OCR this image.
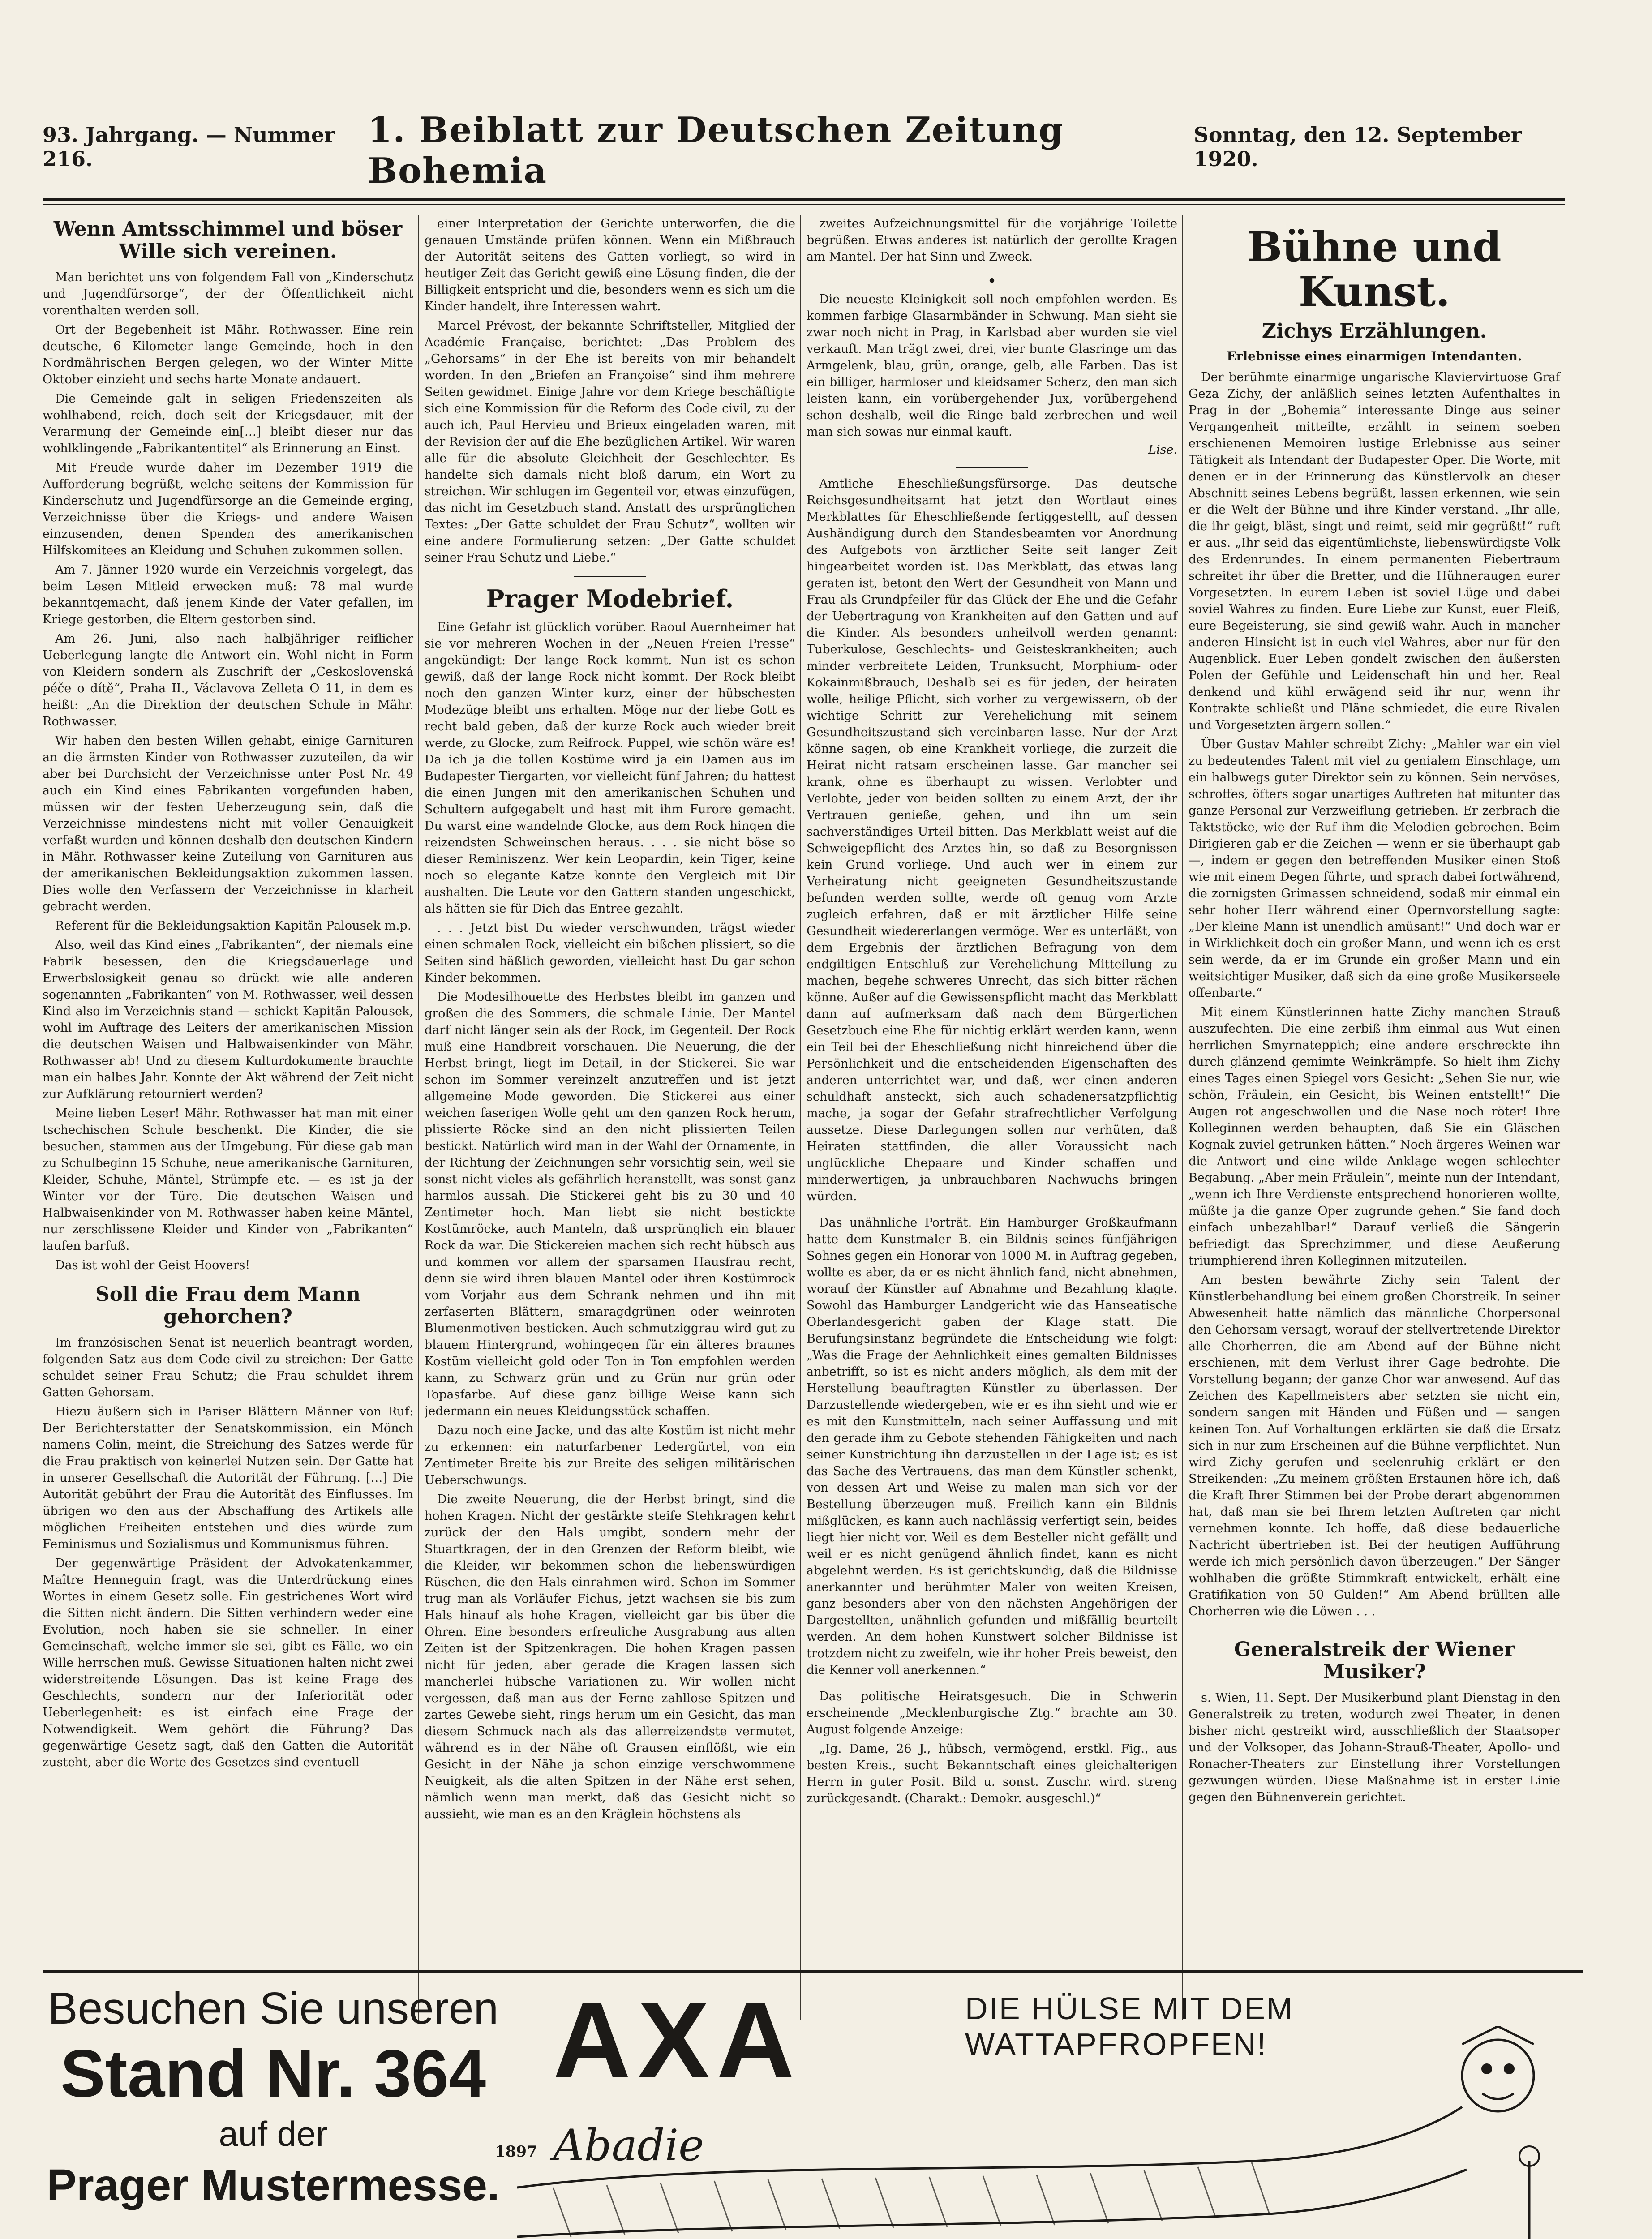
93. Jahrgang. — Nummer 216.
1. Beiblatt zur Deutschen Zeitung Bohemia
Sonntag, den 12. September 1920.
Wenn Amtsschimmel und böser Wille sich vereinen.

Man berichtet uns von folgendem Fall von „Kinderschutz und Jugendfürsorge“, der der Öffentlichkeit nicht vorenthalten werden soll.

Ort der Begebenheit ist Mähr. Rothwasser. Eine rein deutsche, 6 Kilometer lange Gemeinde, hoch in den Nordmährischen Bergen gelegen, wo der Winter Mitte Oktober einzieht und sechs harte Monate andauert.

Die Gemeinde galt in seligen Friedenszeiten als wohlhabend, reich, doch seit der Kriegsdauer, mit der Verarmung der Gemeinde ein[…] bleibt dieser nur das wohlklingende „Fabrikantentitel“ als Erinnerung an Einst.

Mit Freude wurde daher im Dezember 1919 die Aufforderung begrüßt, welche seitens der Kommission für Kinderschutz und Jugendfürsorge an die Gemeinde erging, Verzeichnisse über die Kriegs- und andere Waisen einzusenden, denen Spenden des amerikanischen Hilfskomitees an Kleidung und Schuhen zukommen sollen.

Am 7. Jänner 1920 wurde ein Verzeichnis vorgelegt, das beim Lesen Mitleid erwecken muß: 78 mal wurde bekanntgemacht, daß jenem Kinde der Vater gefallen, im Kriege gestorben, die Eltern gestorben sind.

Am 26. Juni, also nach halbjähriger reiflicher Ueberlegung langte die Antwort ein. Wohl nicht in Form von Kleidern sondern als Zuschrift der „Ceskoslovenská péče o dítě“, Praha II., Václavova Zelleta O 11, in dem es heißt: „An die Direktion der deutschen Schule in Mähr. Rothwasser.

Wir haben den besten Willen gehabt, einige Garnituren an die ärmsten Kinder von Rothwasser zuzuteilen, da wir aber bei Durchsicht der Verzeichnisse unter Post Nr. 49 auch ein Kind eines Fabrikanten vorgefunden haben, müssen wir der festen Ueberzeugung sein, daß die Verzeichnisse mindestens nicht mit voller Genauigkeit verfaßt wurden und können deshalb den deutschen Kindern in Mähr. Rothwasser keine Zuteilung von Garnituren aus der amerikanischen Bekleidungsaktion zukommen lassen. Dies wolle den Verfassern der Verzeichnisse in klarheit gebracht werden.

Referent für die Bekleidungsaktion Kapitän Palousek m.p.

Also, weil das Kind eines „Fabrikanten“, der niemals eine Fabrik besessen, den die Kriegsdauerlage und Erwerbslosigkeit genau so drückt wie alle anderen sogenannten „Fabrikanten“ von M. Rothwasser, weil dessen Kind also im Verzeichnis stand — schickt Kapitän Palousek, wohl im Auftrage des Leiters der amerikanischen Mission die deutschen Waisen und Halbwaisenkinder von Mähr. Rothwasser ab! Und zu diesem Kulturdokumente brauchte man ein halbes Jahr. Konnte der Akt während der Zeit nicht zur Aufklärung retourniert werden?

Meine lieben Leser! Mähr. Rothwasser hat man mit einer tschechischen Schule beschenkt. Die Kinder, die sie besuchen, stammen aus der Umgebung. Für diese gab man zu Schulbeginn 15 Schuhe, neue amerikanische Garnituren, Kleider, Schuhe, Mäntel, Strümpfe etc. — es ist ja der Winter vor der Türe. Die deutschen Waisen und Halbwaisenkinder von M. Rothwasser haben keine Mäntel, nur zerschlissene Kleider und Kinder von „Fabrikanten“ laufen barfuß.

Das ist wohl der Geist Hoovers!

Soll die Frau dem Mann gehorchen?

Im französischen Senat ist neuerlich beantragt worden, folgenden Satz aus dem Code civil zu streichen: Der Gatte schuldet seiner Frau Schutz; die Frau schuldet ihrem Gatten Gehorsam.

Hiezu äußern sich in Pariser Blättern Männer von Ruf: Der Berichterstatter der Senatskommission, ein Mönch namens Colin, meint, die Streichung des Satzes werde für die Frau praktisch von keinerlei Nutzen sein. Der Gatte hat in unserer Gesellschaft die Autorität der Führung. […] Die Autorität gebührt der Frau die Autorität des Einflusses. Im übrigen wo den aus der Abschaffung des Artikels alle möglichen Freiheiten entstehen und dies würde zum Feminismus und Sozialismus und Kommunismus führen.

Der gegenwärtige Präsident der Advokatenkammer, Maître Henneguin fragt, was die Unterdrückung eines Wortes in einem Gesetz solle. Ein gestrichenes Wort wird die Sitten nicht ändern. Die Sitten verhindern weder eine Evolution, noch haben sie sie schneller. In einer Gemeinschaft, welche immer sie sei, gibt es Fälle, wo ein Wille herrschen muß. Gewisse Situationen halten nicht zwei widerstreitende Lösungen. Das ist keine Frage des Geschlechts, sondern nur der Inferiorität oder Ueberlegenheit: es ist einfach eine Frage der Notwendigkeit. Wem gehört die Führung? Das gegenwärtige Gesetz sagt, daß den Gatten die Autorität zusteht, aber die Worte des Gesetzes sind eventuell

einer Interpretation der Gerichte unterworfen, die die genauen Umstände prüfen können. Wenn ein Mißbrauch der Autorität seitens des Gatten vorliegt, so wird in heutiger Zeit das Gericht gewiß eine Lösung finden, die der Billigkeit entspricht und die, besonders wenn es sich um die Kinder handelt, ihre Interessen wahrt.

Marcel Prévost, der bekannte Schriftsteller, Mitglied der Académie Française, berichtet: „Das Problem des „Gehorsams“ in der Ehe ist bereits von mir behandelt worden. In den „Briefen an Françoise“ sind ihm mehrere Seiten gewidmet. Einige Jahre vor dem Kriege beschäftigte sich eine Kommission für die Reform des Code civil, zu der auch ich, Paul Hervieu und Brieux eingeladen waren, mit der Revision der auf die Ehe bezüglichen Artikel. Wir waren alle für die absolute Gleichheit der Geschlechter. Es handelte sich damals nicht bloß darum, ein Wort zu streichen. Wir schlugen im Gegenteil vor, etwas einzufügen, das nicht im Gesetzbuch stand. Anstatt des ursprünglichen Textes: „Der Gatte schuldet der Frau Schutz“, wollten wir eine andere Formulierung setzen: „Der Gatte schuldet seiner Frau Schutz und Liebe.“

Prager Modebrief.

Eine Gefahr ist glücklich vorüber. Raoul Auernheimer hat sie vor mehreren Wochen in der „Neuen Freien Presse“ angekündigt: Der lange Rock kommt. Nun ist es schon gewiß, daß der lange Rock nicht kommt. Der Rock bleibt noch den ganzen Winter kurz, einer der hübschesten Modezüge bleibt uns erhalten. Möge nur der liebe Gott es recht bald geben, daß der kurze Rock auch wieder breit werde, zu Glocke, zum Reifrock. Puppel, wie schön wäre es! Da ich ja die tollen Kostüme wird ja ein Damen aus im Budapester Tiergarten, vor vielleicht fünf Jahren; du hattest die einen Jungen mit den amerikanischen Schuhen und Schultern aufgegabelt und hast mit ihm Furore gemacht. Du warst eine wandelnde Glocke, aus dem Rock hingen die reizendsten Schweinschen heraus. . . . sie nicht böse so dieser Reminiszenz. Wer kein Leopardin, kein Tiger, keine noch so elegante Katze konnte den Vergleich mit Dir aushalten. Die Leute vor den Gattern standen ungeschickt, als hätten sie für Dich das Entree gezahlt.

. . . Jetzt bist Du wieder verschwunden, trägst wieder einen schmalen Rock, vielleicht ein bißchen plissiert, so die Seiten sind häßlich geworden, vielleicht hast Du gar schon Kinder bekommen.

Die Modesilhouette des Herbstes bleibt im ganzen und großen die des Sommers, die schmale Linie. Der Mantel darf nicht länger sein als der Rock, im Gegenteil. Der Rock muß eine Handbreit vorschauen. Die Neuerung, die der Herbst bringt, liegt im Detail, in der Stickerei. Sie war schon im Sommer vereinzelt anzutreffen und ist jetzt allgemeine Mode geworden. Die Stickerei aus einer weichen faserigen Wolle geht um den ganzen Rock herum, plissierte Röcke sind an den nicht plissierten Teilen bestickt. Natürlich wird man in der Wahl der Ornamente, in der Richtung der Zeichnungen sehr vorsichtig sein, weil sie sonst nicht vieles als gefährlich heranstellt, was sonst ganz harmlos aussah. Die Stickerei geht bis zu 30 und 40 Zentimeter hoch. Man liebt sie nicht bestickte Kostümröcke, auch Manteln, daß ursprünglich ein blauer Rock da war. Die Stickereien machen sich recht hübsch aus und kommen vor allem der sparsamen Hausfrau recht, denn sie wird ihren blauen Mantel oder ihren Kostümrock vom Vorjahr aus dem Schrank nehmen und ihn mit zerfaserten Blättern, smaragdgrünen oder weinroten Blumenmotiven besticken. Auch schmutziggrau wird gut zu blauem Hintergrund, wohingegen für ein älteres braunes Kostüm vielleicht gold oder Ton in Ton empfohlen werden kann, zu Schwarz grün und zu Grün nur grün oder Topasfarbe. Auf diese ganz billige Weise kann sich jedermann ein neues Kleidungsstück schaffen.

Dazu noch eine Jacke, und das alte Kostüm ist nicht mehr zu erkennen: ein naturfarbener Ledergürtel, von ein Zentimeter Breite bis zur Breite des seligen militärischen Ueberschwungs.

Die zweite Neuerung, die der Herbst bringt, sind die hohen Kragen. Nicht der gestärkte steife Stehkragen kehrt zurück der den Hals umgibt, sondern mehr der Stuartkragen, der in den Grenzen der Reform bleibt, wie die Kleider, wir bekommen schon die liebenswürdigen Rüschen, die den Hals einrahmen wird. Schon im Sommer trug man als Vorläufer Fichus, jetzt wachsen sie bis zum Hals hinauf als hohe Kragen, vielleicht gar bis über die Ohren. Eine besonders erfreuliche Ausgrabung aus alten Zeiten ist der Spitzenkragen. Die hohen Kragen passen nicht für jeden, aber gerade die Kragen lassen sich mancherlei hübsche Variationen zu. Wir wollen nicht vergessen, daß man aus der Ferne zahllose Spitzen und zartes Gewebe sieht, rings herum um ein Gesicht, das man diesem Schmuck nach als das allerreizendste vermutet, während es in der Nähe oft Grausen einflößt, wie ein Gesicht in der Nähe ja schon einzige verschwommene Neuigkeit, als die alten Spitzen in der Nähe erst sehen, nämlich wenn man merkt, daß das Gesicht nicht so aussieht, wie man es an den Kräglein höchstens als

zweites Aufzeichnungsmittel für die vorjährige Toilette begrüßen. Etwas anderes ist natürlich der gerollte Kragen am Mantel. Der hat Sinn und Zweck.

•

Die neueste Kleinigkeit soll noch empfohlen werden. Es kommen farbige Glasarmbänder in Schwung. Man sieht sie zwar noch nicht in Prag, in Karlsbad aber wurden sie viel verkauft. Man trägt zwei, drei, vier bunte Glasringe um das Armgelenk, blau, grün, orange, gelb, alle Farben. Das ist ein billiger, harmloser und kleidsamer Scherz, den man sich leisten kann, ein vorübergehender Jux, vorübergehend schon deshalb, weil die Ringe bald zerbrechen und weil man sich sowas nur einmal kauft.

Lise.

Amtliche Eheschließungsfürsorge. Das deutsche Reichsgesundheitsamt hat jetzt den Wortlaut eines Merkblattes für Eheschließende fertiggestellt, auf dessen Aushändigung durch den Standesbeamten vor Anordnung des Aufgebots von ärztlicher Seite seit langer Zeit hingearbeitet worden ist. Das Merkblatt, das etwas lang geraten ist, betont den Wert der Gesundheit von Mann und Frau als Grundpfeiler für das Glück der Ehe und die Gefahr der Uebertragung von Krankheiten auf den Gatten und auf die Kinder. Als besonders unheilvoll werden genannt: Tuberkulose, Geschlechts- und Geisteskrankheiten; auch minder verbreitete Leiden, Trunksucht, Morphium- oder Kokainmißbrauch, Deshalb sei es für jeden, der heiraten wolle, heilige Pflicht, sich vorher zu vergewissern, ob der wichtige Schritt zur Verehelichung mit seinem Gesundheitszustand sich vereinbaren lasse. Nur der Arzt könne sagen, ob eine Krankheit vorliege, die zurzeit die Heirat nicht ratsam erscheinen lasse. Gar mancher sei krank, ohne es überhaupt zu wissen. Verlobter und Verlobte, jeder von beiden sollten zu einem Arzt, der ihr Vertrauen genieße, gehen, und ihn um sein sachverständiges Urteil bitten. Das Merkblatt weist auf die Schweigepflicht des Arztes hin, so daß zu Besorgnissen kein Grund vorliege. Und auch wer in einem zur Verheiratung nicht geeigneten Gesundheitszustande befunden werden sollte, werde oft genug vom Arzte zugleich erfahren, daß er mit ärztlicher Hilfe seine Gesundheit wiedererlangen vermöge. Wer es unterläßt, von dem Ergebnis der ärztlichen Befragung von dem endgiltigen Entschluß zur Verehelichung Mitteilung zu machen, begehe schweres Unrecht, das sich bitter rächen könne. Außer auf die Gewissenspflicht macht das Merkblatt dann auf aufmerksam daß nach dem Bürgerlichen Gesetzbuch eine Ehe für nichtig erklärt werden kann, wenn ein Teil bei der Eheschließung nicht hinreichend über die Persönlichkeit und die entscheidenden Eigenschaften des anderen unterrichtet war, und daß, wer einen anderen schuldhaft ansteckt, sich auch schadenersatzpflichtig mache, ja sogar der Gefahr strafrechtlicher Verfolgung aussetze. Diese Darlegungen sollen nur verhüten, daß Heiraten stattfinden, die aller Voraussicht nach unglückliche Ehepaare und Kinder schaffen und minderwertigen, ja unbrauchbaren Nachwuchs bringen würden.

Das unähnliche Porträt. Ein Hamburger Großkaufmann hatte dem Kunstmaler B. ein Bildnis seines fünfjährigen Sohnes gegen ein Honorar von 1000 M. in Auftrag gegeben, wollte es aber, da er es nicht ähnlich fand, nicht abnehmen, worauf der Künstler auf Abnahme und Bezahlung klagte. Sowohl das Hamburger Landgericht wie das Hanseatische Oberlandesgericht gaben der Klage statt. Die Berufungsinstanz begründete die Entscheidung wie folgt: „Was die Frage der Aehnlichkeit eines gemalten Bildnisses anbetrifft, so ist es nicht anders möglich, als dem mit der Herstellung beauftragten Künstler zu überlassen. Der Darzustellende wiedergeben, wie er es ihn sieht und wie er es mit den Kunstmitteln, nach seiner Auffassung und mit den gerade ihm zu Gebote stehenden Fähigkeiten und nach seiner Kunstrichtung ihn darzustellen in der Lage ist; es ist das Sache des Vertrauens, das man dem Künstler schenkt, von dessen Art und Weise zu malen man sich vor der Bestellung überzeugen muß. Freilich kann ein Bildnis mißglücken, es kann auch nachlässig verfertigt sein, beides liegt hier nicht vor. Weil es dem Besteller nicht gefällt und weil er es nicht genügend ähnlich findet, kann es nicht abgelehnt werden. Es ist gerichtskundig, daß die Bildnisse anerkannter und berühmter Maler von weiten Kreisen, ganz besonders aber von den nächsten Angehörigen der Dargestellten, unähnlich gefunden und mißfällig beurteilt werden. An dem hohen Kunstwert solcher Bildnisse ist trotzdem nicht zu zweifeln, wie ihr hoher Preis beweist, den die Kenner voll anerkennen.“

Das politische Heiratsgesuch. Die in Schwerin erscheinende „Mecklenburgische Ztg.“ brachte am 30. August folgende Anzeige:

„Ig. Dame, 26 J., hübsch, vermögend, erstkl. Fig., aus besten Kreis., sucht Bekanntschaft eines gleichalterigen Herrn in guter Posit. Bild u. sonst. Zuschr. wird. streng zurückgesandt. (Charakt.: Demokr. ausgeschl.)“

Bühne und Kunst.
Zichys Erzählungen.
Erlebnisse eines einarmigen Intendanten.

Der berühmte einarmige ungarische Klaviervirtuose Graf Geza Zichy, der anläßlich seines letzten Aufenthaltes in Prag in der „Bohemia“ interessante Dinge aus seiner Vergangenheit mitteilte, erzählt in seinem soeben erschienenen Memoiren lustige Erlebnisse aus seiner Tätigkeit als Intendant der Budapester Oper. Die Worte, mit denen er in der Erinnerung das Künstlervolk an dieser Abschnitt seines Lebens begrüßt, lassen erkennen, wie sein er die Welt der Bühne und ihre Kinder verstand. „Ihr alle, die ihr geigt, bläst, singt und reimt, seid mir gegrüßt!“ ruft er aus. „Ihr seid das eigentümlichste, liebenswürdigste Volk des Erdenrundes. In einem permanenten Fiebertraum schreitet ihr über die Bretter, und die Hühneraugen eurer Vorgesetzten. In eurem Leben ist soviel Lüge und dabei soviel Wahres zu finden. Eure Liebe zur Kunst, euer Fleiß, eure Begeisterung, sie sind gewiß wahr. Auch in mancher anderen Hinsicht ist in euch viel Wahres, aber nur für den Augenblick. Euer Leben gondelt zwischen den äußersten Polen der Gefühle und Leidenschaft hin und her. Real denkend und kühl erwägend seid ihr nur, wenn ihr Kontrakte schließt und Pläne schmiedet, die eure Rivalen und Vorgesetzten ärgern sollen.“

Über Gustav Mahler schreibt Zichy: „Mahler war ein viel zu bedeutendes Talent mit viel zu genialem Einschlage, um ein halbwegs guter Direktor sein zu können. Sein nervöses, schroffes, öfters sogar unartiges Auftreten hat mitunter das ganze Personal zur Verzweiflung getrieben. Er zerbrach die Taktstöcke, wie der Ruf ihm die Melodien gebrochen. Beim Dirigieren gab er die Zeichen — wenn er sie überhaupt gab —, indem er gegen den betreffenden Musiker einen Stoß wie mit einem Degen führte, und sprach dabei fortwährend, die zornigsten Grimassen schneidend, sodaß mir einmal ein sehr hoher Herr während einer Opernvorstellung sagte: „Der kleine Mann ist unendlich amüsant!“ Und doch war er in Wirklichkeit doch ein großer Mann, und wenn ich es erst sein werde, da er im Grunde ein großer Mann und ein weitsichtiger Musiker, daß sich da eine große Musikerseele offenbarte.“

Mit einem Künstlerinnen hatte Zichy manchen Strauß auszufechten. Die eine zerbiß ihm einmal aus Wut einen herrlichen Smyrnateppich; eine andere erschreckte ihn durch glänzend gemimte Weinkrämpfe. So hielt ihm Zichy eines Tages einen Spiegel vors Gesicht: „Sehen Sie nur, wie schön, Fräulein, ein Gesicht, bis Weinen entstellt!“ Die Augen rot angeschwollen und die Nase noch röter! Ihre Kolleginnen werden behaupten, daß Sie ein Gläschen Kognak zuviel getrunken hätten.“ Noch ärgeres Weinen war die Antwort und eine wilde Anklage wegen schlechter Begabung. „Aber mein Fräulein“, meinte nun der Intendant, „wenn ich Ihre Verdienste entsprechend honorieren wollte, müßte ja die ganze Oper zugrunde gehen.“ Sie fand doch einfach unbezahlbar!“ Darauf verließ die Sängerin befriedigt das Sprechzimmer, und diese Aeußerung triumphierend ihren Kolleginnen mitzuteilen.

Am besten bewährte Zichy sein Talent der Künstlerbehandlung bei einem großen Chorstreik. In seiner Abwesenheit hatte nämlich das männliche Chorpersonal den Gehorsam versagt, worauf der stellvertretende Direktor alle Chorherren, die am Abend auf der Bühne nicht erschienen, mit dem Verlust ihrer Gage bedrohte. Die Vorstellung begann; der ganze Chor war anwesend. Auf das Zeichen des Kapellmeisters aber setzten sie nicht ein, sondern sangen mit Händen und Füßen und — sangen keinen Ton. Auf Vorhaltungen erklärten sie daß die Ersatz sich in nur zum Erscheinen auf die Bühne verpflichtet. Nun wird Zichy gerufen und seelenruhig erklärt er den Streikenden: „Zu meinem größten Erstaunen höre ich, daß die Kraft Ihrer Stimmen bei der Probe derart abgenommen hat, daß man sie bei Ihrem letzten Auftreten gar nicht vernehmen konnte. Ich hoffe, daß diese bedauerliche Nachricht übertrieben ist. Bei der heutigen Aufführung werde ich mich persönlich davon überzeugen.“ Der Sänger wohlhaben die größte Stimmkraft entwickelt, erhält eine Gratifikation von 50 Gulden!“ Am Abend brüllten alle Chorherren wie die Löwen . . .

Generalstreik der Wiener Musiker?

s. Wien, 11. Sept. Der Musikerbund plant Dienstag in den Generalstreik zu treten, wodurch zwei Theater, in denen bisher nicht gestreikt wird, ausschließlich der Staatsoper und der Volksoper, das Johann-Strauß-Theater, Apollo- und Ronacher-Theaters zur Einstellung ihrer Vorstellungen gezwungen würden. Diese Maßnahme ist in erster Linie gegen den Bühnenverein gerichtet.

Besuchen Sie unseren
Stand Nr. 364
auf der
Prager Mustermesse.
1897
AXA
Abadie
DIE HÜLSE MIT DEM
WATTAPFROPFEN!
